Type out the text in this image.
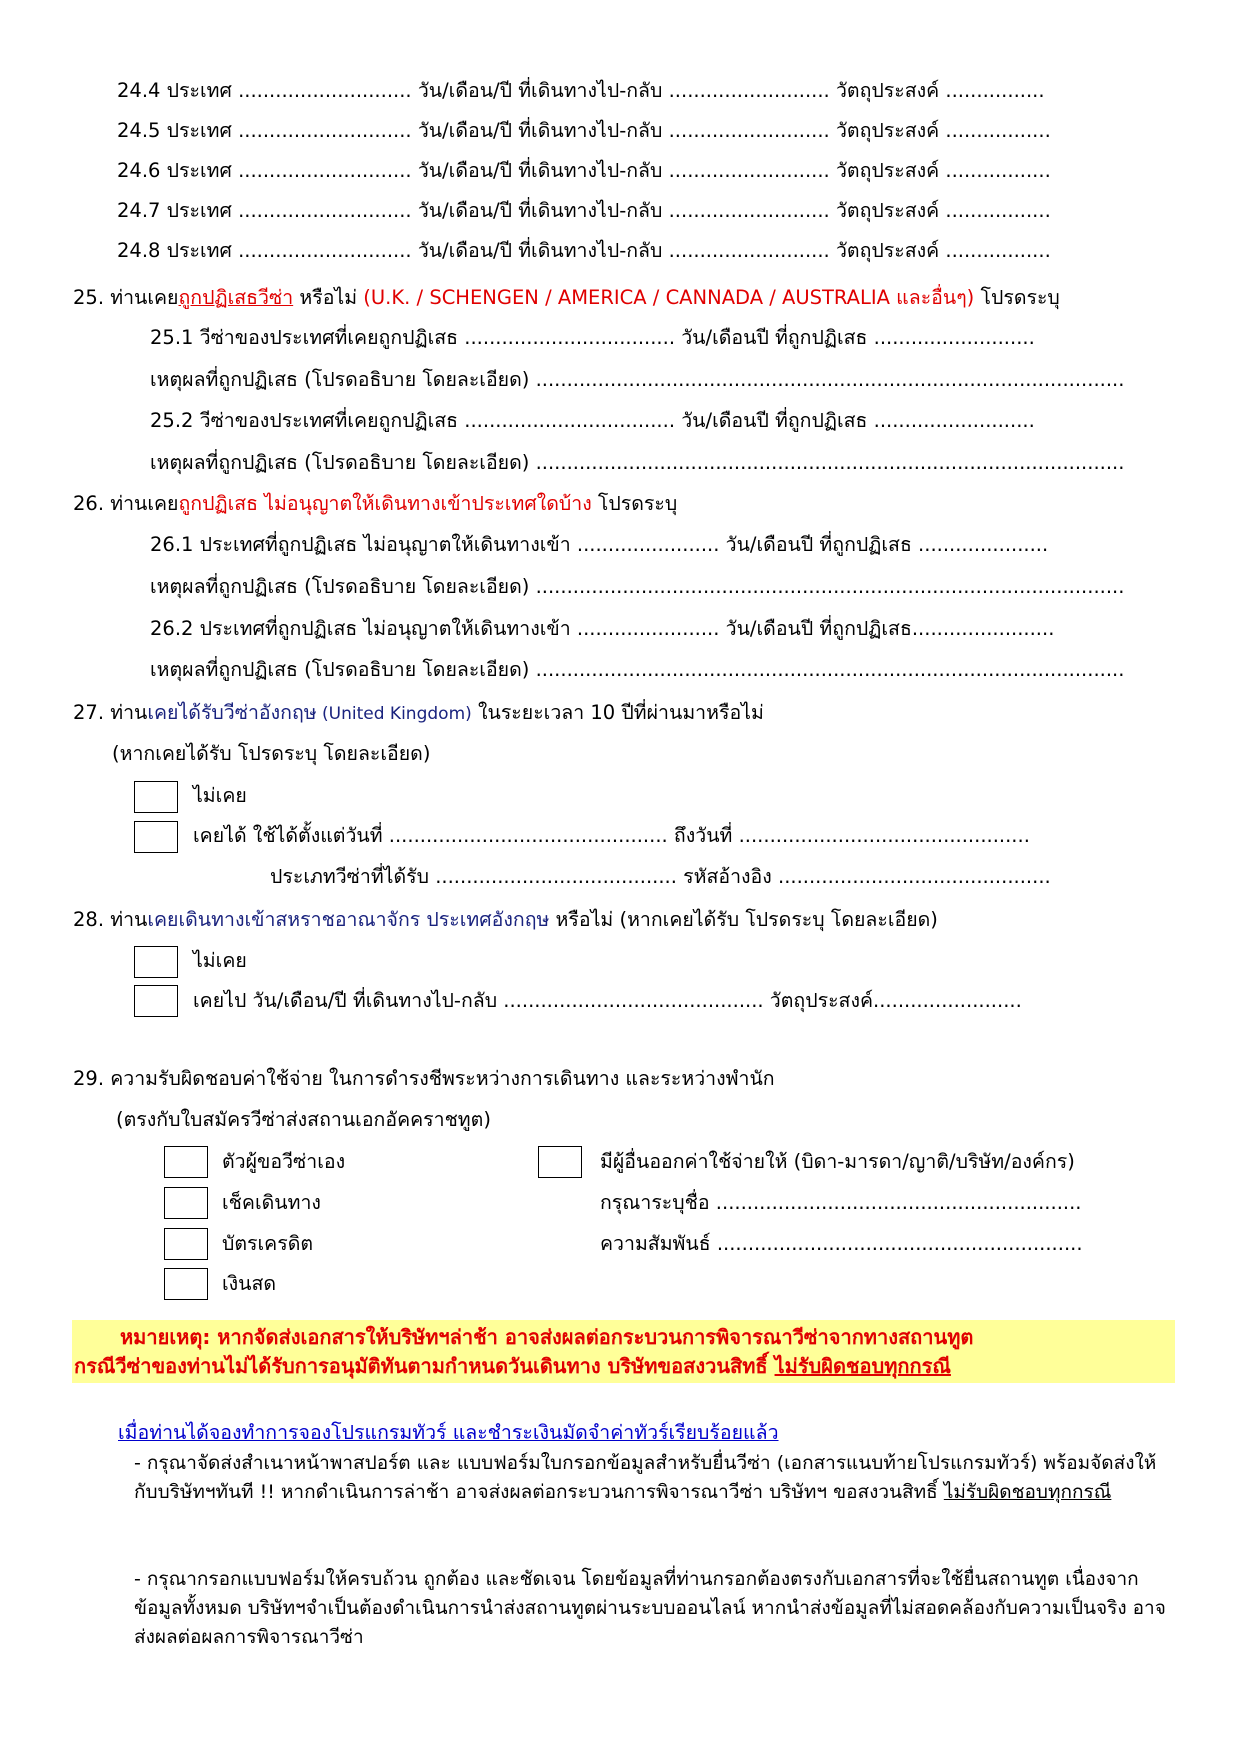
24.4 ประเทศ ............................ วัน/เดือน/ปี ที่เดินทางไป-กลับ .......................... วัตถุประสงค์ ................
24.5 ประเทศ ............................ วัน/เดือน/ปี ที่เดินทางไป-กลับ .......................... วัตถุประสงค์ .................
24.6 ประเทศ ............................ วัน/เดือน/ปี ที่เดินทางไป-กลับ .......................... วัตถุประสงค์ .................
24.7 ประเทศ ............................ วัน/เดือน/ปี ที่เดินทางไป-กลับ .......................... วัตถุประสงค์ .................
24.8 ประเทศ ............................ วัน/เดือน/ปี ที่เดินทางไป-กลับ .......................... วัตถุประสงค์ .................
25. ท่านเคยถูกปฏิเสธวีซ่า หรือไม่ (U.K. / SCHENGEN / AMERICA / CANNADA / AUSTRALIA และอื่นๆ) โปรดระบุ
25.1 วีซ่าของประเทศที่เคยถูกปฏิเสธ .................................. วัน/เดือนปี ที่ถูกปฏิเสธ ..........................
เหตุผลที่ถูกปฏิเสธ (โปรดอธิบาย โดยละเอียด) ...............................................................................................
25.2 วีซ่าของประเทศที่เคยถูกปฏิเสธ .................................. วัน/เดือนปี ที่ถูกปฏิเสธ ..........................
เหตุผลที่ถูกปฏิเสธ (โปรดอธิบาย โดยละเอียด) ...............................................................................................
26. ท่านเคยถูกปฏิเสธ ไม่อนุญาตให้เดินทางเข้าประเทศใดบ้าง โปรดระบุ
26.1 ประเทศที่ถูกปฏิเสธ ไม่อนุญาตให้เดินทางเข้า ....................... วัน/เดือนปี ที่ถูกปฏิเสธ .....................
เหตุผลที่ถูกปฏิเสธ (โปรดอธิบาย โดยละเอียด) ...............................................................................................
26.2 ประเทศที่ถูกปฏิเสธ ไม่อนุญาตให้เดินทางเข้า ....................... วัน/เดือนปี ที่ถูกปฏิเสธ.......................
เหตุผลที่ถูกปฏิเสธ (โปรดอธิบาย โดยละเอียด) ...............................................................................................
27. ท่านเคยได้รับวีซ่าอังกฤษ (United Kingdom) ในระยะเวลา 10 ปีที่ผ่านมาหรือไม่
(หากเคยได้รับ โปรดระบุ โดยละเอียด)
ไม่เคย
เคยได้ ใช้ได้ตั้งแต่วันที่ ............................................. ถึงวันที่ ...............................................
ประเภทวีซ่าที่ได้รับ ....................................... รหัสอ้างอิง ............................................
28. ท่านเคยเดินทางเข้าสหราชอาณาจักร ประเทศอังกฤษ หรือไม่ (หากเคยได้รับ โปรดระบุ โดยละเอียด)
ไม่เคย
เคยไป วัน/เดือน/ปี ที่เดินทางไป-กลับ .......................................... วัตถุประสงค์........................
29. ความรับผิดชอบค่าใช้จ่าย ในการดำรงชีพระหว่างการเดินทาง และระหว่างพำนัก
(ตรงกับใบสมัครวีซ่าส่งสถานเอกอัคคราชทูต)
ตัวผู้ขอวีซ่าเอง	มีผู้อื่นออกค่าใช้จ่ายให้ (บิดา-มารดา/ญาติ/บริษัท/องค์กร)
เช็คเดินทาง	กรุณาระบุชื่อ ...........................................................
บัตรเครดิต	ความสัมพันธ์ ...........................................................
เงินสด
หมายเหตุ: หากจัดส่งเอกสารให้บริษัทฯล่าช้า อาจส่งผลต่อกระบวนการพิจารณาวีซ่าจากทางสถานทูต
กรณีวีซ่าของท่านไม่ได้รับการอนุมัติทันตามกำหนดวันเดินทาง บริษัทขอสงวนสิทธิ์ ไม่รับผิดชอบทุกกรณี
เมื่อท่านได้จองทำการจองโปรแกรมทัวร์ และชำระเงินมัดจำค่าทัวร์เรียบร้อยแล้ว
- กรุณาจัดส่งสำเนาหน้าพาสปอร์ต และ แบบฟอร์มใบกรอกข้อมูลสำหรับยื่นวีซ่า (เอกสารแนบท้ายโปรแกรมทัวร์) พร้อมจัดส่งให้กับบริษัทฯทันที !! หากดำเนินการล่าช้า อาจส่งผลต่อกระบวนการพิจารณาวีซ่า บริษัทฯ ขอสงวนสิทธิ์ ไม่รับผิดชอบทุกกรณี
- กรุณากรอกแบบฟอร์มให้ครบถ้วน ถูกต้อง และชัดเจน โดยข้อมูลที่ท่านกรอกต้องตรงกับเอกสารที่จะใช้ยื่นสถานทูต เนื่องจากข้อมูลทั้งหมด บริษัทฯจำเป็นต้องดำเนินการนำส่งสถานทูตผ่านระบบออนไลน์ หากนำส่งข้อมูลที่ไม่สอดคล้องกับความเป็นจริง อาจส่งผลต่อผลการพิจารณาวีซ่า
